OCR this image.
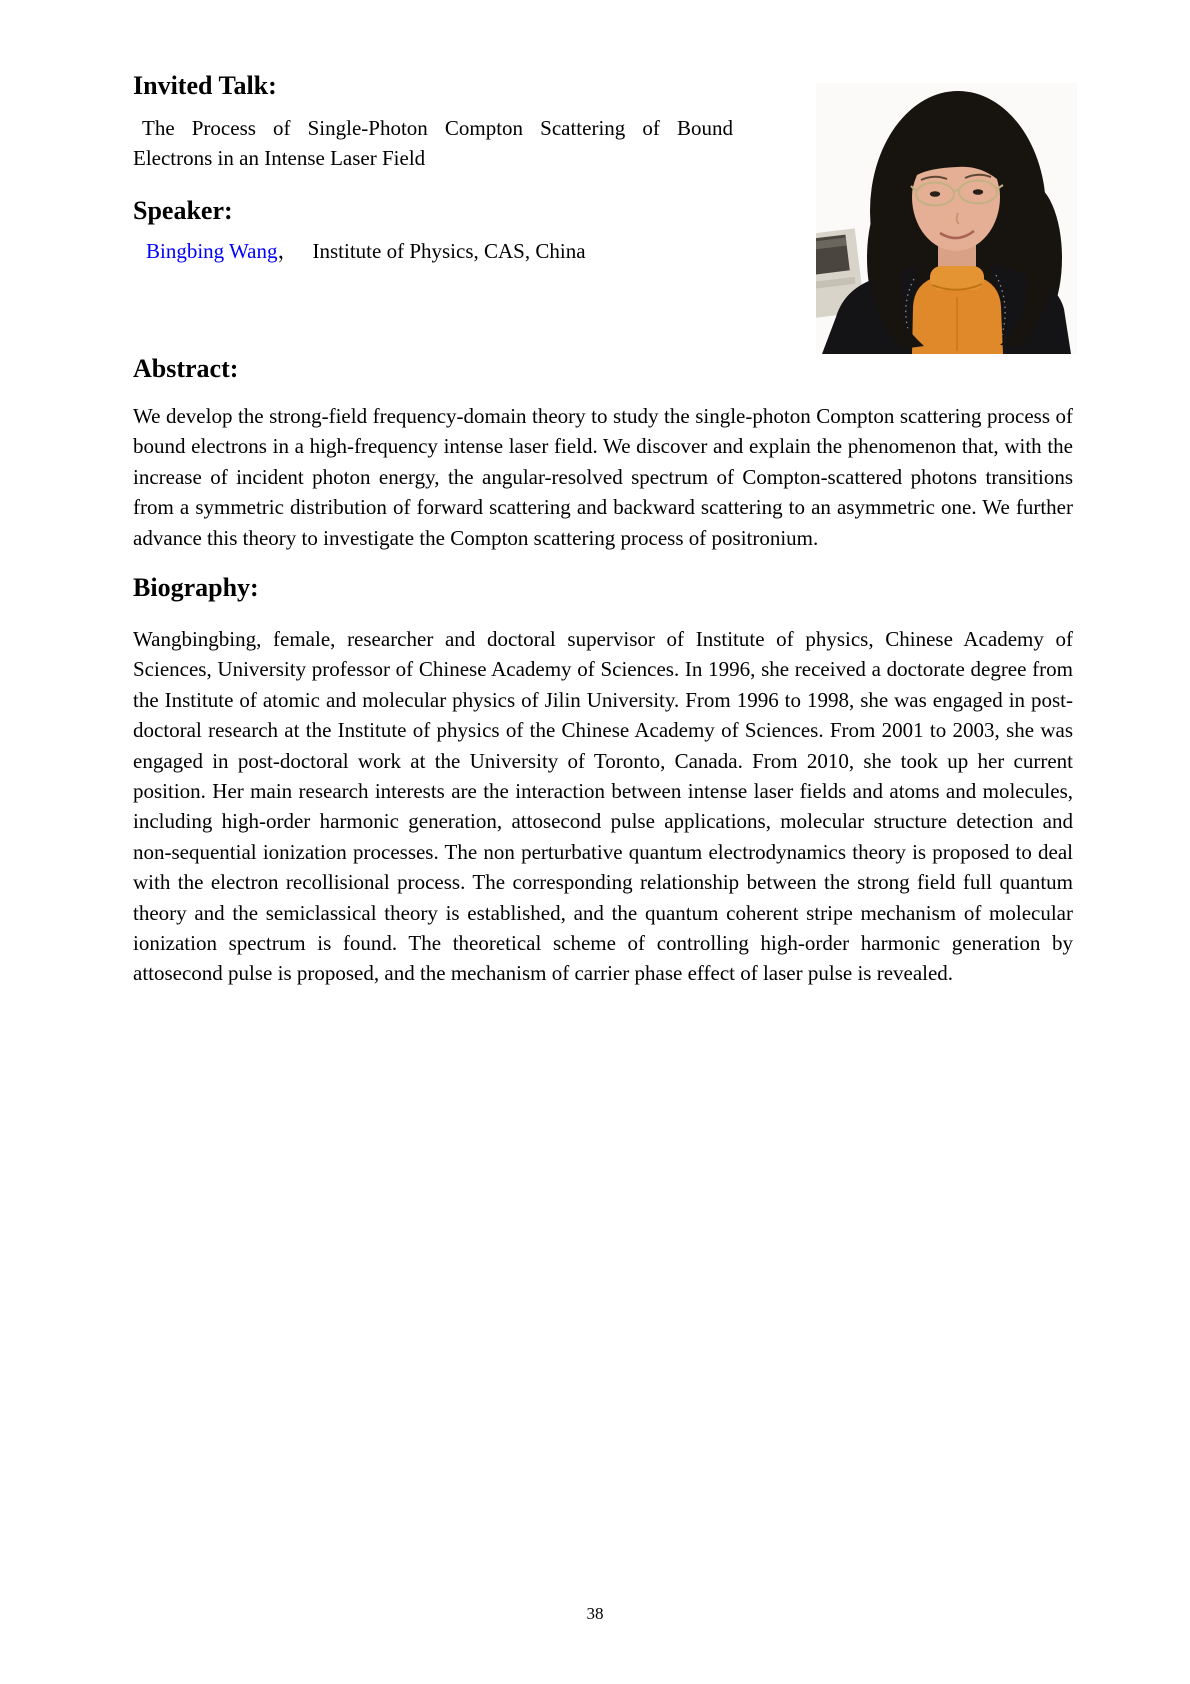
Invited Talk:

The Process of Single-Photon Compton Scattering of Bound Electrons in an Intense Laser Field

Speaker:

Bingbing Wang， Institute of Physics, CAS, China

Abstract:

We develop the strong-field frequency-domain theory to study the single-photon Compton scattering process of bound electrons in a high-frequency intense laser field. We discover and explain the phenomenon that, with the increase of incident photon energy, the angular-resolved spectrum of Compton-scattered photons transitions from a symmetric distribution of forward scattering and backward scattering to an asymmetric one. We further advance this theory to investigate the Compton scattering process of positronium.

Biography:

Wangbingbing, female, researcher and doctoral supervisor of Institute of physics, Chinese Academy of Sciences, University professor of Chinese Academy of Sciences. In 1996, she received a doctorate degree from the Institute of atomic and molecular physics of Jilin University. From 1996 to 1998, she was engaged in post-doctoral research at the Institute of physics of the Chinese Academy of Sciences. From 2001 to 2003, she was engaged in post-doctoral work at the University of Toronto, Canada. From 2010, she took up her current position. Her main research interests are the interaction between intense laser fields and atoms and molecules, including high-order harmonic generation, attosecond pulse applications, molecular structure detection and non-sequential ionization processes. The non perturbative quantum electrodynamics theory is proposed to deal with the electron recollisional process. The corresponding relationship between the strong field full quantum theory and the semiclassical theory is established, and the quantum coherent stripe mechanism of molecular ionization spectrum is found. The theoretical scheme of controlling high-order harmonic generation by attosecond pulse is proposed, and the mechanism of carrier phase effect of laser pulse is revealed.

38
